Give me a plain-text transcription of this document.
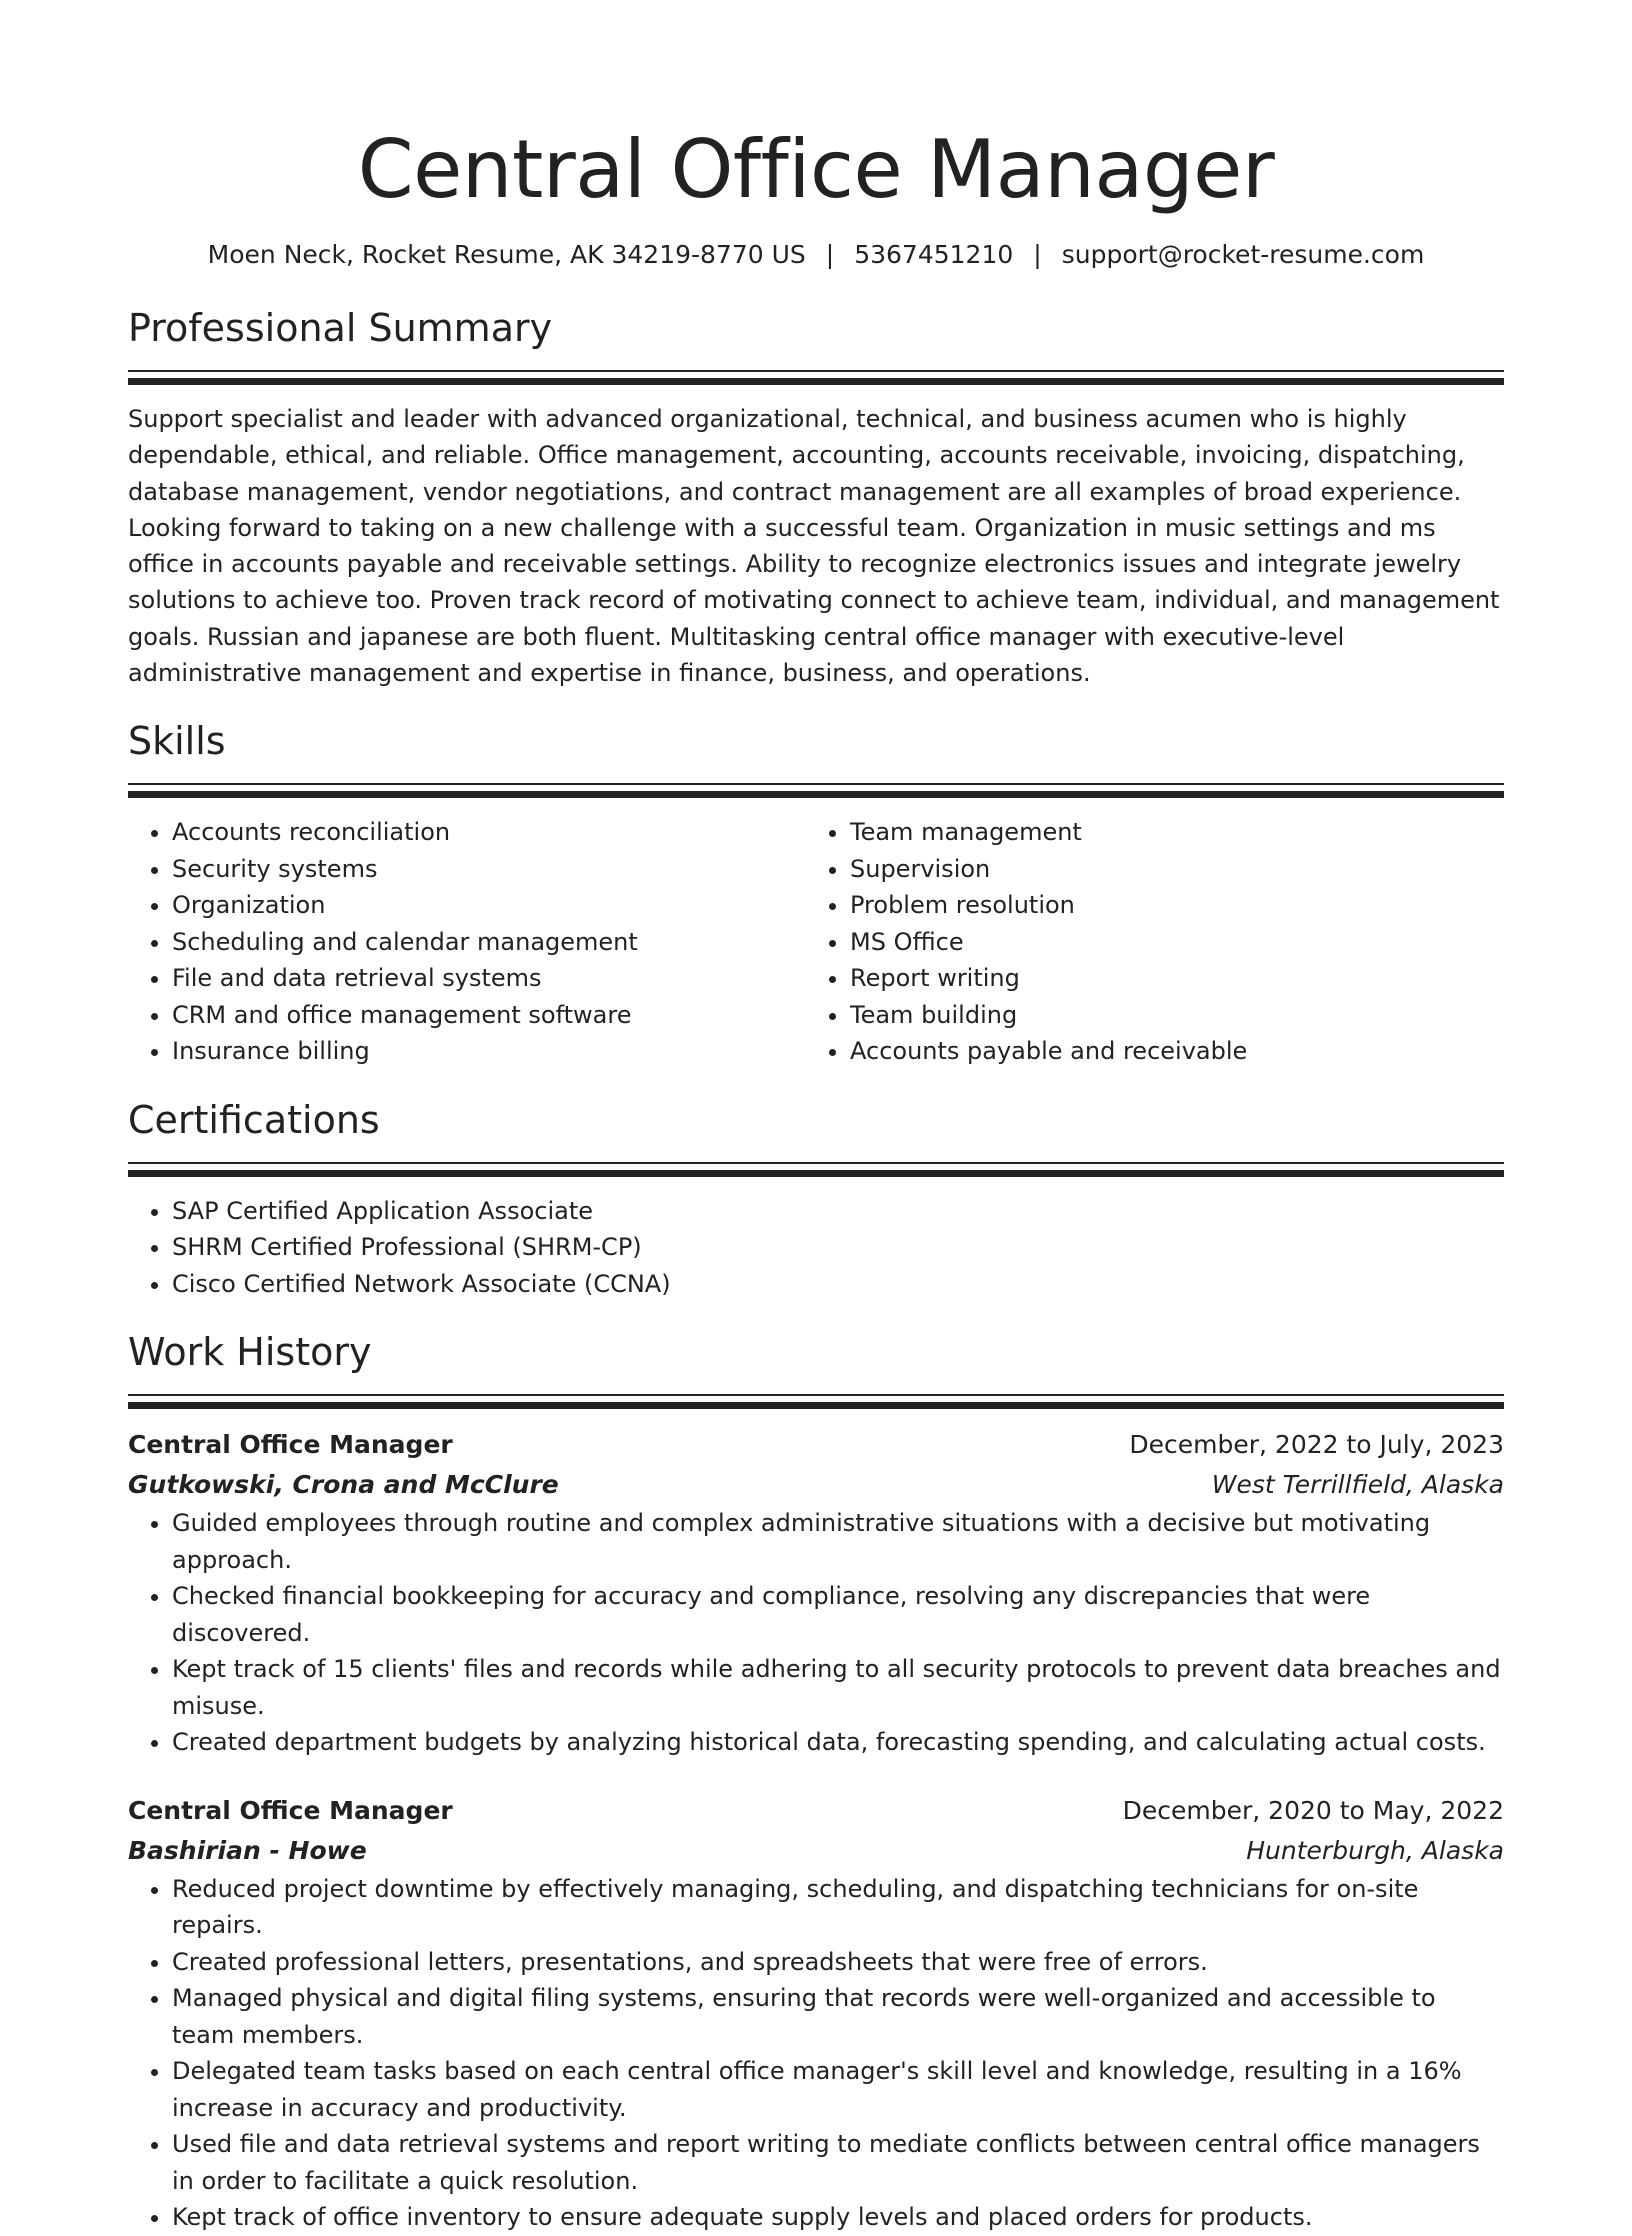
Central Office Manager
Moen Neck, Rocket Resume, AK 34219-8770 US | 5367451210 | support@rocket-resume.com
Professional Summary

Support specialist and leader with advanced organizational, technical, and business acumen who is highly dependable, ethical, and reliable. Office management, accounting, accounts receivable, invoicing, dispatching, database management, vendor negotiations, and contract management are all examples of broad experience. Looking forward to taking on a new challenge with a successful team. Organization in music settings and ms office in accounts payable and receivable settings. Ability to recognize electronics issues and integrate jewelry solutions to achieve too. Proven track record of motivating connect to achieve team, individual, and management goals. Russian and japanese are both fluent. Multitasking central office manager with executive-level administrative management and expertise in finance, business, and operations.

Skills
• Accounts reconciliation
• Security systems
• Organization
• Scheduling and calendar management
• File and data retrieval systems
• CRM and office management software
• Insurance billing
• Team management
• Supervision
• Problem resolution
• MS Office
• Report writing
• Team building
• Accounts payable and receivable
Certifications
• SAP Certified Application Associate
• SHRM Certified Professional (SHRM-CP)
• Cisco Certified Network Associate (CCNA)
Work History
Central Office Manager	December, 2022 to July, 2023
Gutkowski, Crona and McClure	West Terrillfield, Alaska
• Guided employees through routine and complex administrative situations with a decisive but motivating approach.
• Checked financial bookkeeping for accuracy and compliance, resolving any discrepancies that were discovered.
• Kept track of 15 clients' files and records while adhering to all security protocols to prevent data breaches and misuse.
• Created department budgets by analyzing historical data, forecasting spending, and calculating actual costs.
Central Office Manager	December, 2020 to May, 2022
Bashirian - Howe	Hunterburgh, Alaska
• Reduced project downtime by effectively managing, scheduling, and dispatching technicians for on-site repairs.
• Created professional letters, presentations, and spreadsheets that were free of errors.
• Managed physical and digital filing systems, ensuring that records were well-organized and accessible to team members.
• Delegated team tasks based on each central office manager's skill level and knowledge, resulting in a 16% increase in accuracy and productivity.
• Used file and data retrieval systems and report writing to mediate conflicts between central office managers in order to facilitate a quick resolution.
• Kept track of office inventory to ensure adequate supply levels and placed orders for products.
